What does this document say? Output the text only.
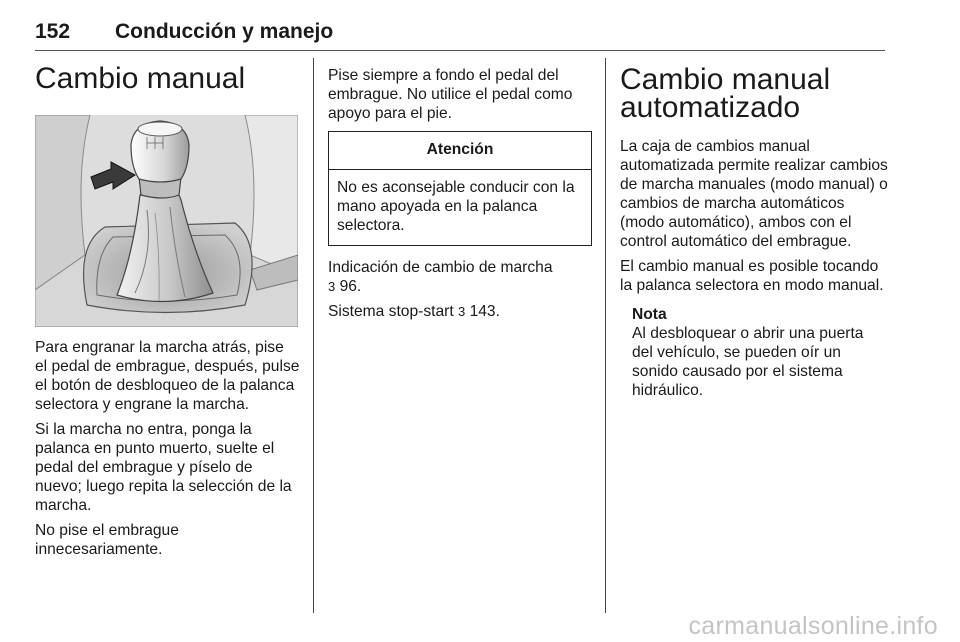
152 Conducción y manejo
Cambio manual

Para engranar la marcha atrás, pise el pedal de embrague, después, pulse el botón de desbloqueo de la palanca selectora y engrane la marcha.

Si la marcha no entra, ponga la palanca en punto muerto, suelte el pedal del embrague y píselo de nuevo; luego repita la selección de la marcha.

No pise el embrague innecesariamente.

Pise siempre a fondo el pedal del embrague. No utilice el pedal como apoyo para el pie.

Atención
No es aconsejable conducir con la mano apoyada en la palanca selectora.

Indicación de cambio de marcha
3 96.

Sistema stop-start 3 143.

Cambio manual
automatizado

La caja de cambios manual automatizada permite realizar cambios de marcha manuales (modo manual) o cambios de marcha automáticos (modo automático), ambos con el control automático del embrague.

El cambio manual es posible tocando la palanca selectora en modo manual.

Nota
Al desbloquear o abrir una puerta del vehículo, se pueden oír un sonido causado por el sistema hidráulico.
carmanualsonline.info
